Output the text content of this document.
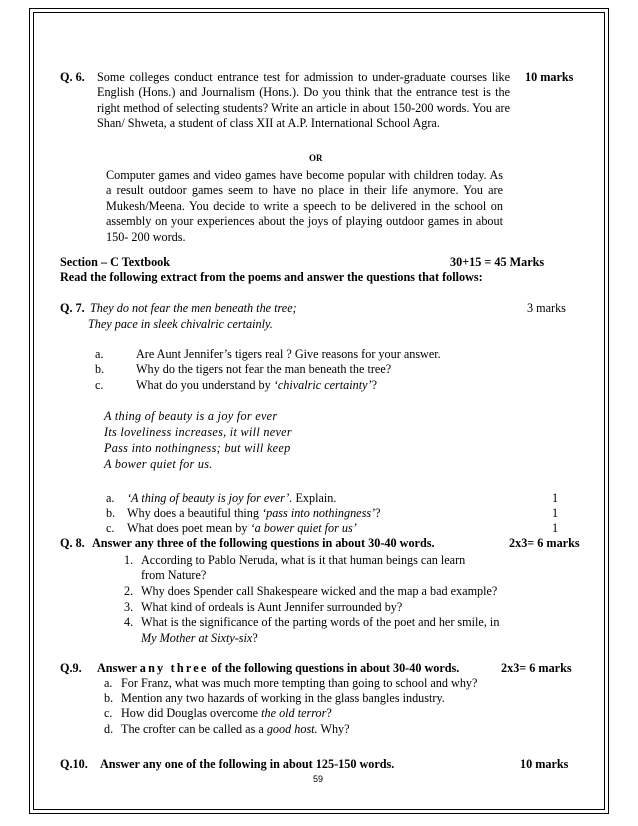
Q. 6. Some colleges conduct entrance test for admission to under-graduate courses like English (Hons.) and Journalism (Hons.). Do you think that the entrance test is the right method of selecting students? Write an article in about 150-200 words. You are Shan/ Shweta, a student of class XII at A.P. International School Agra.
10 marks
OR
Computer games and video games have become popular with children today. As a result outdoor games seem to have no place in their life anymore. You are Mukesh/Meena. You decide to write a speech to be delivered in the school on assembly on your experiences about the joys of playing outdoor games in about 150- 200 words.
Section – C Textbook	30+15 = 45 Marks
Read the following extract from the poems and answer the questions that follows:
Q. 7. They do not fear the men beneath the tree;	3 marks
They pace in sleek chivalric certainly.
a.	Are Aunt Jennifer’s tigers real ? Give reasons for your answer.
b.	Why do the tigers not fear the man beneath the tree?
c.	What do you understand by ‘chivalric certainty’?
A thing of beauty is a joy for ever
Its loveliness increases, it will never
Pass into nothingness; but will keep
A bower quiet for us.
a. ‘A thing of beauty is joy for ever’. Explain.	1
b. Why does a beautiful thing ‘pass into nothingness’?	1
c. What does poet mean by ‘a bower quiet for us’	1
Q. 8. Answer any three of the following questions in about 30-40 words.	2x3= 6 marks
1. According to Pablo Neruda, what is it that human beings can learn
from Nature?
2. Why does Spender call Shakespeare wicked and the map a bad example?
3. What kind of ordeals is Aunt Jennifer surrounded by?
4. What is the significance of the parting words of the poet and her smile, in
My Mother at Sixty-six?
Q.9. Answer any three of the following questions in about 30-40 words.	2x3= 6 marks
a. For Franz, what was much more tempting than going to school and why?
b. Mention any two hazards of working in the glass bangles industry.
c. How did Douglas overcome the old terror?
d. The crofter can be called as a good host. Why?
Q.10. Answer any one of the following in about 125-150 words.	10 marks
59
